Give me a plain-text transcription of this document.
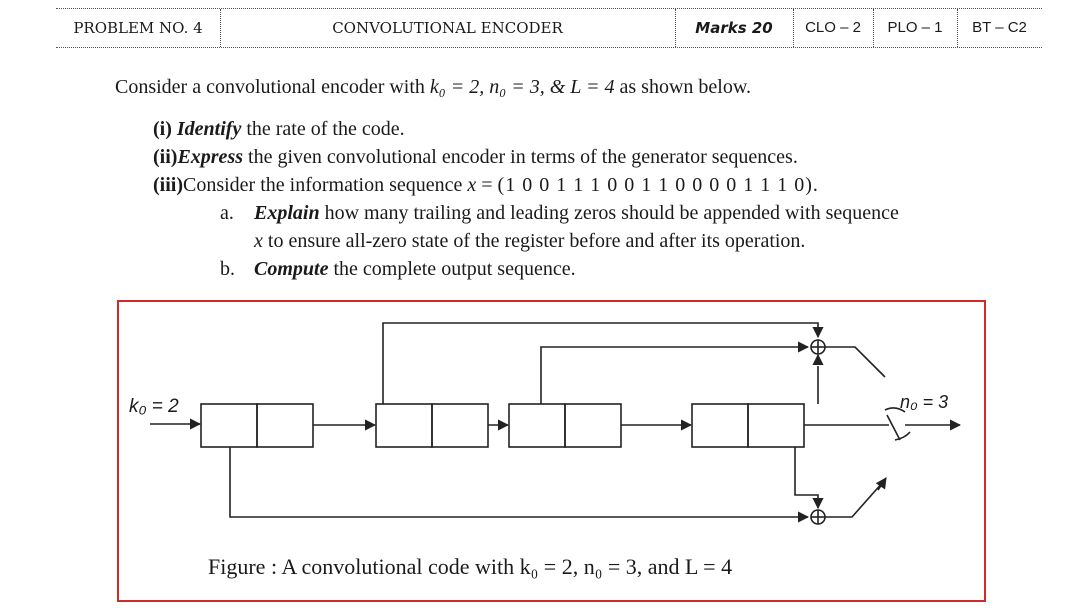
PROBLEM NO. 4	CONVOLUTIONAL ENCODER	Marks 20	CLO – 2	PLO – 1	BT – C2
Consider a convolutional encoder with k₀ = 2, n₀ = 3, & L = 4 as shown below.
(i) Identify the rate of the code.
(ii)Express the given convolutional encoder in terms of the generator sequences.
(iii)Consider the information sequence x = (1 0 0 1 1 1 0 0 1 1 0 0 0 0 1 1 1 0).
a. Explain how many trailing and leading zeros should be appended with sequence
x to ensure all-zero state of the register before and after its operation.
b. Compute the complete output sequence.
k₀ = 2	n₀ = 3
Figure : A convolutional code with k₀ = 2, n₀ = 3, and L = 4
